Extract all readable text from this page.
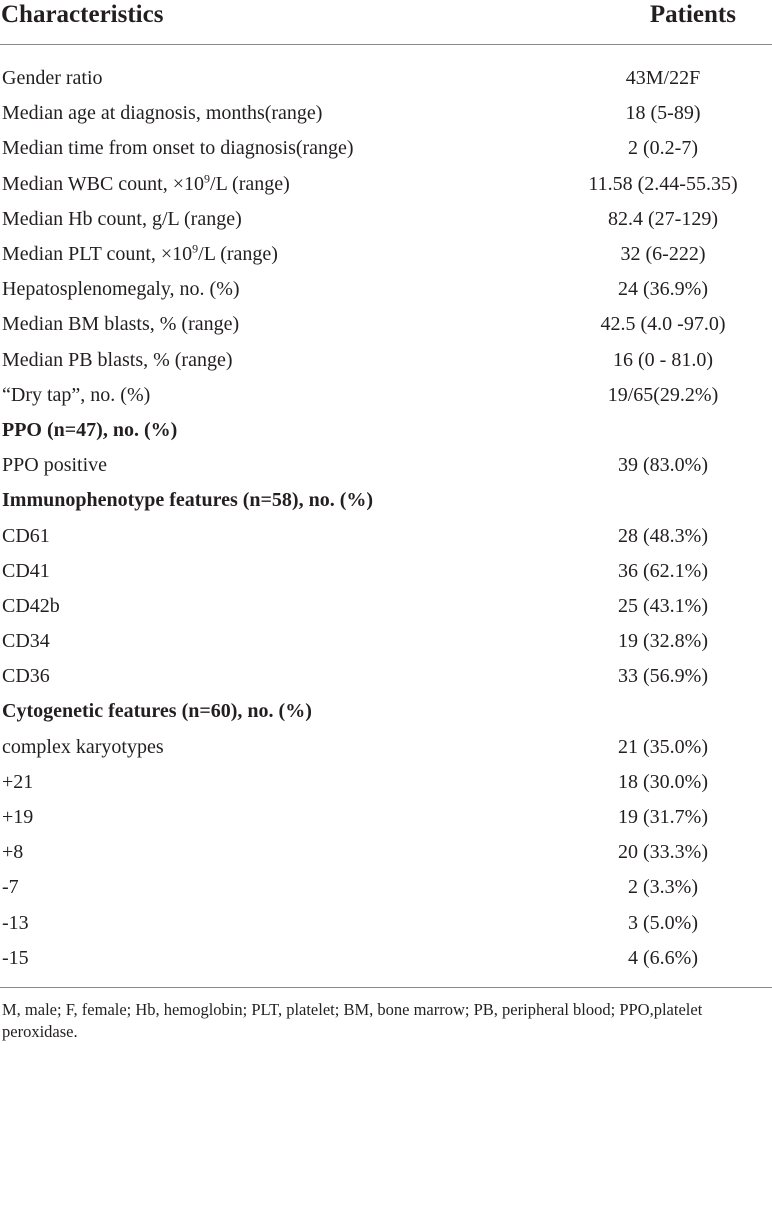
Characteristics	Patients
Gender ratio	43M/22F
Median age at diagnosis, months(range)	18 (5-89)
Median time from onset to diagnosis(range)	2 (0.2-7)
Median WBC count, $\times 10^9/L$ (range)	11.58 (2.44-55.35)
Median Hb count, g/L (range)	82.4 (27-129)
Median PLT count, $\times 10^9/L$ (range)	32 (6-222)
Hepatosplenomegaly, no. (%)	24 (36.9%)
Median BM blasts, % (range)	42.5 (4.0 -97.0)
Median PB blasts, % (range)	16 (0 - 81.0)
“Dry tap”, no. (%)	19/65(29.2%)
PPO (n=47), no. (%)
PPO positive	39 (83.0%)
Immunophenotype features (n=58), no. (%)
CD61	28 (48.3%)
CD41	36 (62.1%)
CD42b	25 (43.1%)
CD34	19 (32.8%)
CD36	33 (56.9%)
Cytogenetic features (n=60), no. (%)
complex karyotypes	21 (35.0%)
+21	18 (30.0%)
+19	19 (31.7%)
+8	20 (33.3%)
-7	2 (3.3%)
-13	3 (5.0%)
-15	4 (6.6%)
M, male; F, female; Hb, hemoglobin; PLT, platelet; BM, bone marrow; PB, peripheral blood; PPO,platelet peroxidase.
